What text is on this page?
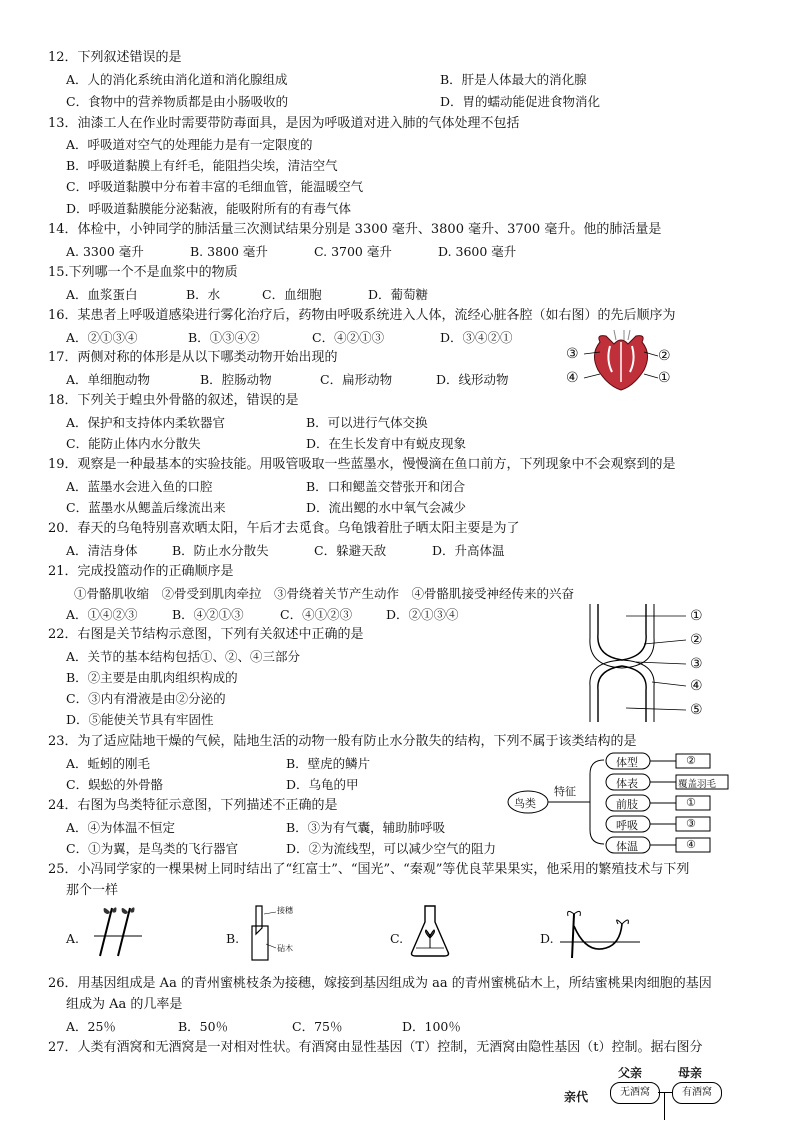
12．下列叙述错误的是
A．人的消化系统由消化道和消化腺组成	B．肝是人体最大的消化腺
C．食物中的营养物质都是由小肠吸收的	D．胃的蠕动能促进食物消化
13．油漆工人在作业时需要带防毒面具，是因为呼吸道对进入肺的气体处理不包括
A．呼吸道对空气的处理能力是有一定限度的
B．呼吸道黏膜上有纤毛，能阻挡尖埃，清洁空气
C．呼吸道黏膜中分布着丰富的毛细血管，能温暖空气
D．呼吸道黏膜能分泌黏液，能吸附所有的有毒气体
14．体检中，小钟同学的肺活量三次测试结果分别是 3300 毫升、3800 毫升、3700 毫升。他的肺活量是
A. 3300 毫升	B. 3800 毫升	C. 3700 毫升	D. 3600 毫升
15.下列哪一个不是血浆中的物质
A．血浆蛋白	B．水	C．血细胞	D．葡萄糖
16．某患者上呼吸道感染进行雾化治疗后，药物由呼吸系统进入人体，流经心脏各腔（如右图）的先后顺序为
A．②①③④	B．①③④②	C．④②①③	D．③④②①
③
④
②
①
17．两侧对称的体形是从以下哪类动物开始出现的
A．单细胞动物	B．腔肠动物	C．扁形动物	D．线形动物
18．下列关于蝗虫外骨骼的叙述，错误的是
A．保护和支持体内柔软器官	B．可以进行气体交换
C．能防止体内水分散失	D．在生长发育中有蜕皮现象
19．观察是一种最基本的实验技能。用吸管吸取一些蓝墨水，慢慢滴在鱼口前方，下列现象中不会观察到的是
A．蓝墨水会进入鱼的口腔	B．口和鳃盖交替张开和闭合
C．蓝墨水从鳃盖后缘流出来	D．流出鳃的水中氧气会减少
20．春天的乌龟特别喜欢晒太阳，午后才去觅食。乌龟饿着肚子晒太阳主要是为了
A．清洁身体	B．防止水分散失	C．躲避天敌	D．升高体温
21．完成投篮动作的正确顺序是
①骨骼肌收缩　②骨受到肌肉牵拉　③骨绕着关节产生动作　④骨骼肌接受神经传来的兴奋
A．①④②③	B．④②①③	C．④①②③	D．②①③④	①
②
③
④
⑤
22．右图是关节结构示意图，下列有关叙述中正确的是
A．关节的基本结构包括①、②、④三部分
B．②主要是由肌肉组织构成的
C．③内有滑液是由②分泌的
D．⑤能使关节具有牢固性
23．为了适应陆地干燥的气候，陆地生活的动物一般有防止水分散失的结构，下列不属于该类结构的是
A．蚯蚓的刚毛	B．壁虎的鳞片
C．蜈蚣的外骨骼	D．乌龟的甲
鸟类
特征
体型
体表
前肢
呼吸
体温
②
覆盖羽毛
①
③
④
24．右图为鸟类特征示意图，下列描述不正确的是
A．④为体温不恒定	B．③为有气囊，辅助肺呼吸
C．①为翼，是鸟类的飞行器官	D．②为流线型，可以减少空气的阻力
25．小冯同学家的一棵果树上同时结出了“红富士”、“国光”、“秦观”等优良苹果果实，他采用的繁殖技术与下列
那个一样
A.	B.
接穗
砧木
C.	D.
26．用基因组成是 Aa 的青州蜜桃枝条为接穗，嫁接到基因组成为 aa 的青州蜜桃砧木上，所结蜜桃果肉细胞的基因
组成为 Aa 的几率是
A．25％	B．50％	C．75％	D．100％
27．人类有酒窝和无酒窝是一对相对性状。有酒窝由显性基因（T）控制，无酒窝由隐性基因（t）控制。据右图分
父亲	母亲
亲代	无酒窝	有酒窝
